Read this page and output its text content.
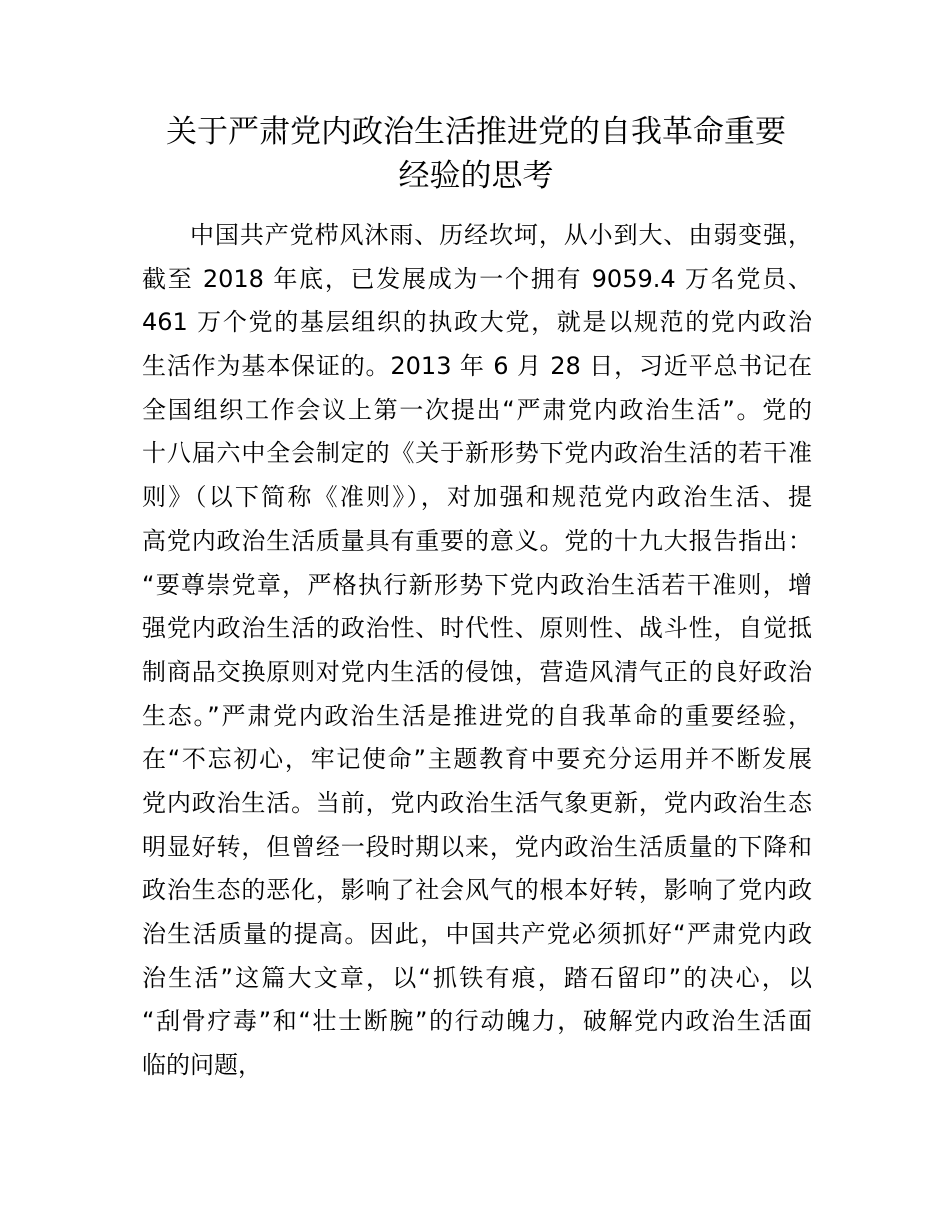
关于严肃党内政治生活推进党的自我革命重要
经验的思考
中国共产党栉风沐雨、历经坎坷，从小到大、由弱变强，
截至 2018 年底，已发展成为一个拥有 9059.4 万名党员、
461 万个党的基层组织的执政大党，就是以规范的党内政治
生活作为基本保证的。2013 年 6 月 28 日，习近平总书记在
全国组织工作会议上第一次提出“严肃党内政治生活”。党的
十八届六中全会制定的《关于新形势下党内政治生活的若干准
则》（以下简称《准则》），对加强和规范党内政治生活、提
高党内政治生活质量具有重要的意义。党的十九大报告指出：
“要尊崇党章，严格执行新形势下党内政治生活若干准则，增
强党内政治生活的政治性、时代性、原则性、战斗性，自觉抵
制商品交换原则对党内生活的侵蚀，营造风清气正的良好政治
生态。”严肃党内政治生活是推进党的自我革命的重要经验，
在“不忘初心，牢记使命”主题教育中要充分运用并不断发展
党内政治生活。当前，党内政治生活气象更新，党内政治生态
明显好转，但曾经一段时期以来，党内政治生活质量的下降和
政治生态的恶化，影响了社会风气的根本好转，影响了党内政
治生活质量的提高。因此，中国共产党必须抓好“严肃党内政
治生活”这篇大文章，以“抓铁有痕，踏石留印”的决心，以
“刮骨疗毒”和“壮士断腕”的行动魄力，破解党内政治生活面
临的问题，
